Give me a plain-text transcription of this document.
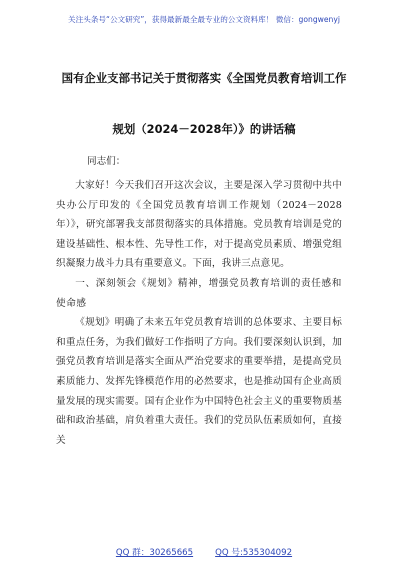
关注头条号“公文研究”，获得最新最全最专业的公文资料库！ 微信：gongwenyj
国有企业支部书记关于贯彻落实《全国党员教育培训工作
规划（2024－2028年）》的讲话稿
同志们：

大家好！今天我们召开这次会议，主要是深入学习贯彻中共中央办公厅印发的《全国党员教育培训工作规划（2024－2028年）》，研究部署我支部贯彻落实的具体措施。党员教育培训是党的建设基础性、根本性、先导性工作，对于提高党员素质、增强党组织凝聚力战斗力具有重要意义。下面，我讲三点意见。

一、深刻领会《规划》精神，增强党员教育培训的责任感和使命感

《规划》明确了未来五年党员教育培训的总体要求、主要目标和重点任务，为我们做好工作指明了方向。我们要深刻认识到，加强党员教育培训是落实全面从严治党要求的重要举措，是提高党员素质能力、发挥先锋模范作用的必然要求，也是推动国有企业高质量发展的现实需要。国有企业作为中国特色社会主义的重要物质基础和政治基础，肩负着重大责任。我们的党员队伍素质如何，直接关

QQ 群：30265665	QQ 号:535304092
